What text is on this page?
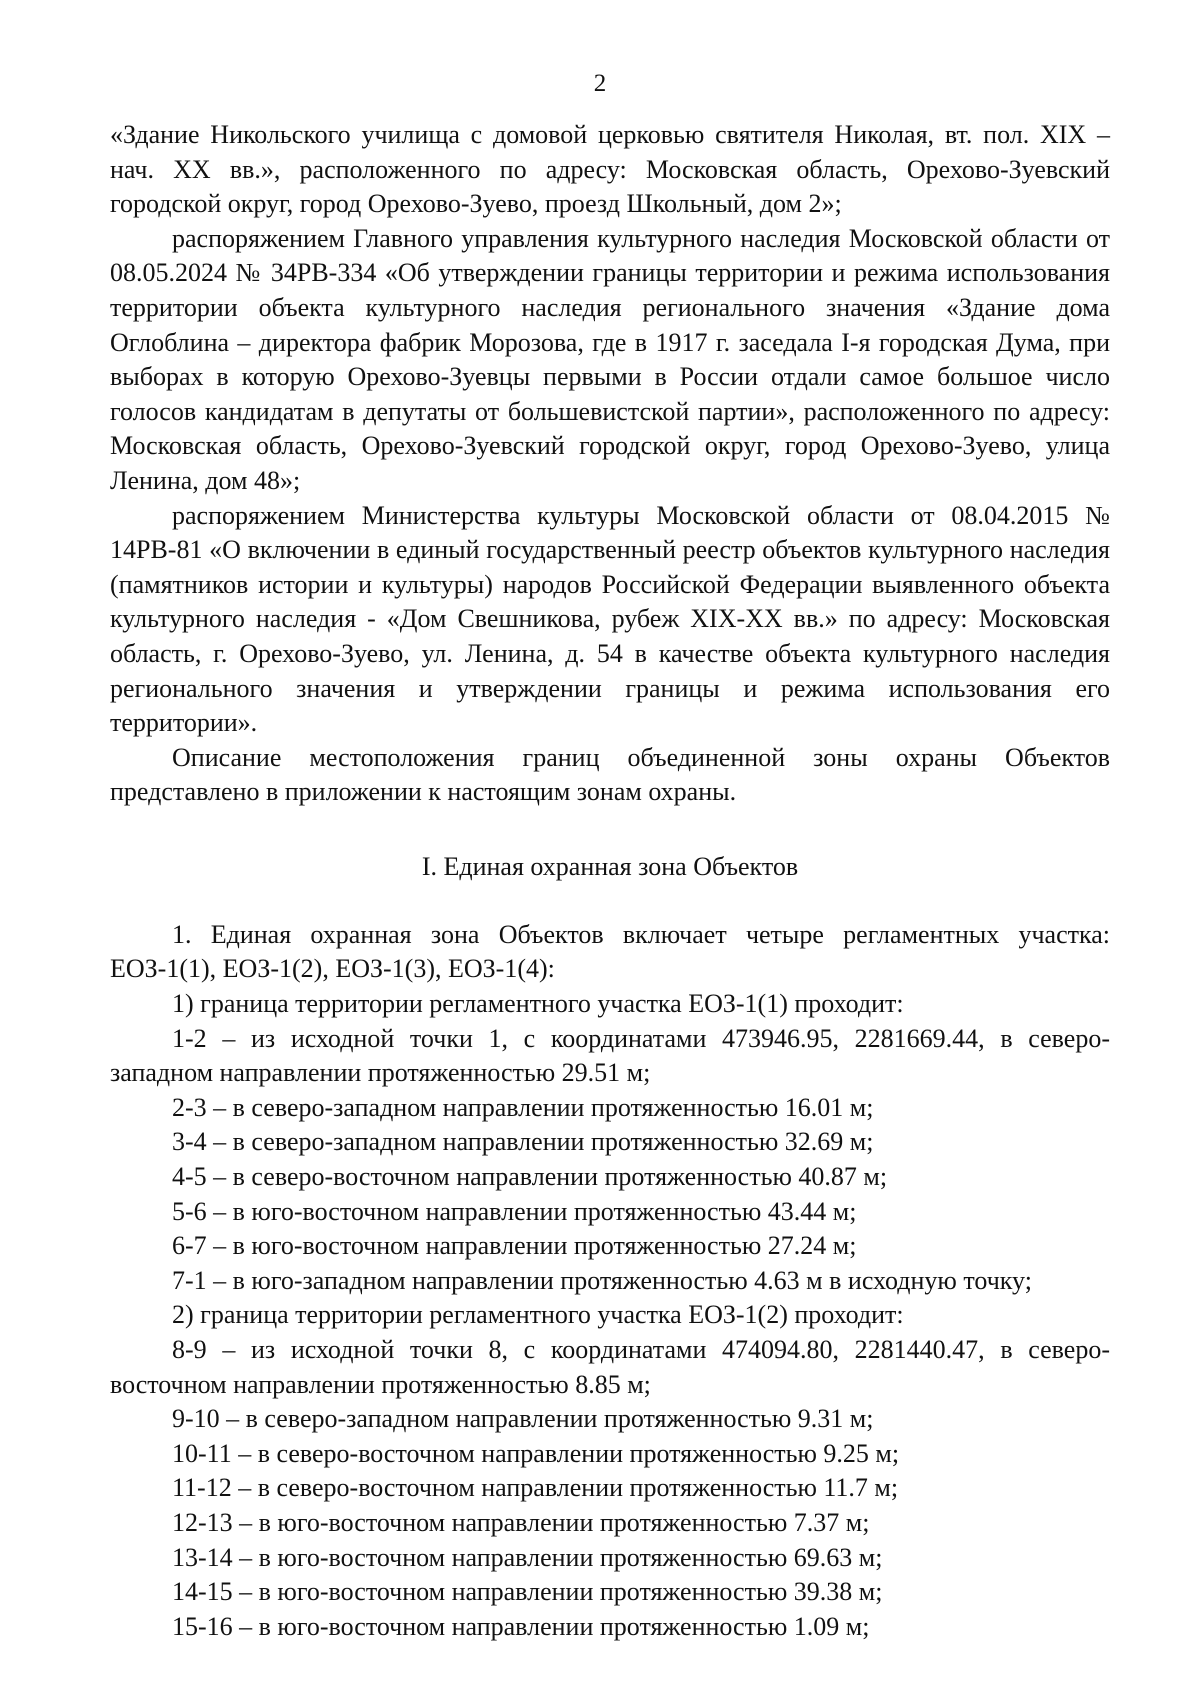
2

«Здание Никольского училища с домовой церковью святителя Николая, вт. пол. XIX – нач. XX вв.», расположенного по адресу: Московская область, Орехово-Зуевский городской округ, город Орехово-Зуево, проезд Школьный, дом 2»;

распоряжением Главного управления культурного наследия Московской области от 08.05.2024 № 34РВ-334 «Об утверждении границы территории и режима использования территории объекта культурного наследия регионального значения «Здание дома Оглоблина – директора фабрик Морозова, где в 1917 г. заседала I-я городская Дума, при выборах в которую Орехово-Зуевцы первыми в России отдали самое большое число голосов кандидатам в депутаты от большевистской партии», расположенного по адресу: Московская область, Орехово-Зуевский городской округ, город Орехово-Зуево, улица Ленина, дом 48»;

распоряжением Министерства культуры Московской области от 08.04.2015 № 14РВ-81 «О включении в единый государственный реестр объектов культурного наследия (памятников истории и культуры) народов Российской Федерации выявленного объекта культурного наследия - «Дом Свешникова, рубеж XIX-XX вв.» по адресу: Московская область, г. Орехово-Зуево, ул. Ленина, д. 54 в качестве объекта культурного наследия регионального значения и утверждении границы и режима использования его территории».

Описание местоположения границ объединенной зоны охраны Объектов представлено в приложении к настоящим зонам охраны.

I. Единая охранная зона Объектов

1. Единая охранная зона Объектов включает четыре регламентных участка: ЕОЗ-1(1), ЕОЗ-1(2), ЕОЗ-1(3), ЕОЗ-1(4):

1) граница территории регламентного участка ЕОЗ-1(1) проходит:

1-2 – из исходной точки 1, с координатами 473946.95, 2281669.44, в северо-западном направлении протяженностью 29.51 м;

2-3 – в северо-западном направлении протяженностью 16.01 м;

3-4 – в северо-западном направлении протяженностью 32.69 м;

4-5 – в северо-восточном направлении протяженностью 40.87 м;

5-6 – в юго-восточном направлении протяженностью 43.44 м;

6-7 – в юго-восточном направлении протяженностью 27.24 м;

7-1 – в юго-западном направлении протяженностью 4.63 м в исходную точку;

2) граница территории регламентного участка ЕОЗ-1(2) проходит:

8-9 – из исходной точки 8, с координатами 474094.80, 2281440.47, в северо-восточном направлении протяженностью 8.85 м;

9-10 – в северо-западном направлении протяженностью 9.31 м;

10-11 – в северо-восточном направлении протяженностью 9.25 м;

11-12 – в северо-восточном направлении протяженностью 11.7 м;

12-13 – в юго-восточном направлении протяженностью 7.37 м;

13-14 – в юго-восточном направлении протяженностью 69.63 м;

14-15 – в юго-восточном направлении протяженностью 39.38 м;

15-16 – в юго-восточном направлении протяженностью 1.09 м;
